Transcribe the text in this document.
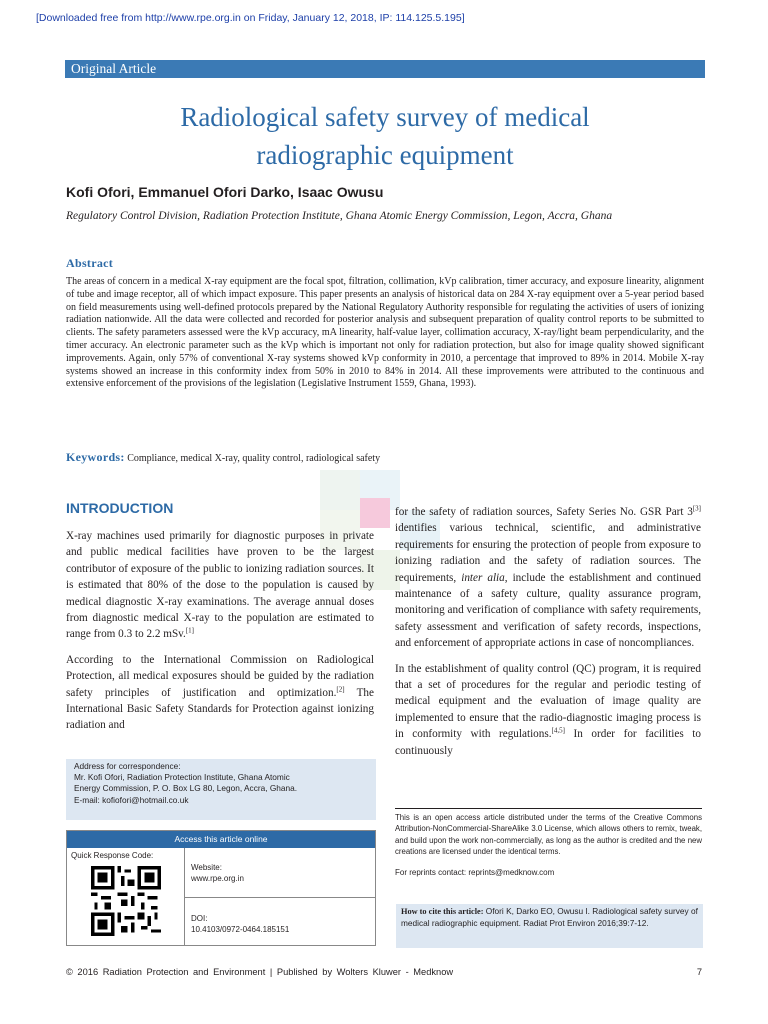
[Downloaded free from http://www.rpe.org.in on Friday, January 12, 2018, IP: 114.125.5.195]
Original Article
Radiological safety survey of medical
radiographic equipment
Kofi Ofori, Emmanuel Ofori Darko, Isaac Owusu
Regulatory Control Division, Radiation Protection Institute, Ghana Atomic Energy Commission, Legon, Accra, Ghana
Abstract
The areas of concern in a medical X-ray equipment are the focal spot, filtration, collimation, kVp calibration, timer accuracy, and exposure linearity, alignment of tube and image receptor, all of which impact exposure. This paper presents an analysis of historical data on 284 X-ray equipment over a 5-year period based on field measurements using well-defined protocols prepared by the National Regulatory Authority responsible for regulating the activities of users of ionizing radiation nationwide. All the data were collected and recorded for posterior analysis and subsequent preparation of quality control reports to be submitted to clients. The safety parameters assessed were the kVp accuracy, mA linearity, half-value layer, collimation accuracy, X-ray/light beam perpendicularity, and the timer accuracy. An electronic parameter such as the kVp which is important not only for radiation protection, but also for image quality showed significant improvements. Again, only 57% of conventional X-ray systems showed kVp conformity in 2010, a percentage that improved to 89% in 2014. Mobile X-ray systems showed an increase in this conformity index from 50% in 2010 to 84% in 2014. All these improvements were attributed to the continuous and extensive enforcement of the provisions of the legislation (Legislative Instrument 1559, Ghana, 1993).
Keywords: Compliance, medical X-ray, quality control, radiological safety
INTRODUCTION

X-ray machines used primarily for diagnostic purposes in private and public medical facilities have proven to be the largest contributor of exposure of the public to ionizing radiation sources. It is estimated that 80% of the dose to the population is caused by medical diagnostic X-ray examinations. The average annual doses from diagnostic medical X-ray to the population are estimated to range from 0.3 to 2.2 mSv.[1]

According to the International Commission on Radiological Protection, all medical exposures should be guided by the radiation safety principles of justification and optimization.[2] The International Basic Safety Standards for Protection against ionizing radiation and

for the safety of radiation sources, Safety Series No. GSR Part 3[3] identifies various technical, scientific, and administrative requirements for ensuring the protection of people from exposure to ionizing radiation and the safety of radiation sources. The requirements, inter alia, include the establishment and continued maintenance of a safety culture, quality assurance program, monitoring and verification of compliance with safety requirements, safety assessment and verification of safety records, inspections, and enforcement of appropriate actions in case of noncompliances.

In the establishment of quality control (QC) program, it is required that a set of procedures for the regular and periodic testing of medical equipment and the evaluation of image quality are implemented to ensure that the radio-diagnostic imaging process is in conformity with regulations.[4,5] In order for facilities to continuously

Address for correspondence:
Mr. Kofi Ofori, Radiation Protection Institute, Ghana Atomic
Energy Commission, P. O. Box LG 80, Legon, Accra, Ghana.
E-mail: kofiofori@hotmail.co.uk
Access this article online
Quick Response Code:
Website:
www.rpe.org.in
DOI:
10.4103/0972-0464.185151
This is an open access article distributed under the terms of the Creative Commons Attribution-NonCommercial-ShareAlike 3.0 License, which allows others to remix, tweak, and build upon the work non-commercially, as long as the author is credited and the new creations are licensed under the identical terms.
For reprints contact: reprints@medknow.com
How to cite this article: Ofori K, Darko EO, Owusu I. Radiological safety survey of medical radiographic equipment. Radiat Prot Environ 2016;39:7-12.
© 2016 Radiation Protection and Environment | Published by Wolters Kluwer - Medknow	7
